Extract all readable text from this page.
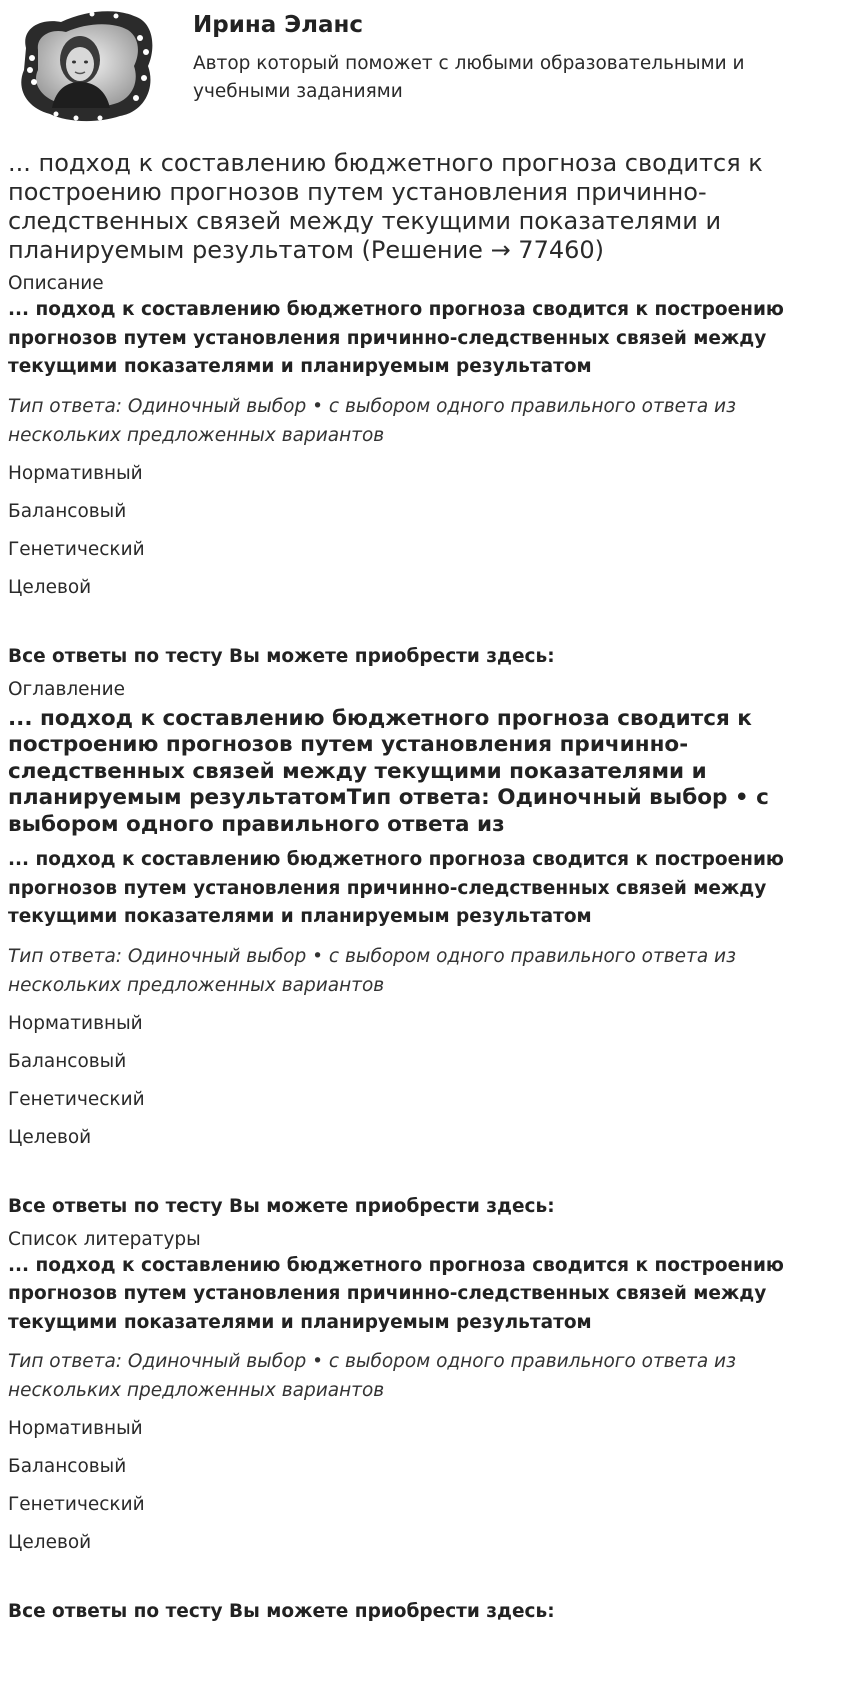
Ирина Эланс
Автор который поможет с любыми образовательными и учебными заданиями
... подход к составлению бюджетного прогноза сводится к построению прогнозов путем установления причинно-следственных связей между текущими показателями и планируемым результатом (Решение → 77460)
Описание
... подход к составлению бюджетного прогноза сводится к построению прогнозов путем установления причинно-следственных связей между текущими показателями и планируемым результатом
Тип ответа: Одиночный выбор • с выбором одного правильного ответа из нескольких предложенных вариантов
Нормативный
Балансовый
Генетический
Целевой
Все ответы по тесту Вы можете приобрести здесь:
Оглавление
... подход к составлению бюджетного прогноза сводится к построению прогнозов путем установления причинно-следственных связей между текущими показателями и планируемым результатомТип ответа: Одиночный выбор • с выбором одного правильного ответа из
... подход к составлению бюджетного прогноза сводится к построению прогнозов путем установления причинно-следственных связей между текущими показателями и планируемым результатом
Тип ответа: Одиночный выбор • с выбором одного правильного ответа из нескольких предложенных вариантов
Нормативный
Балансовый
Генетический
Целевой
Все ответы по тесту Вы можете приобрести здесь:
Список литературы
... подход к составлению бюджетного прогноза сводится к построению прогнозов путем установления причинно-следственных связей между текущими показателями и планируемым результатом
Тип ответа: Одиночный выбор • с выбором одного правильного ответа из нескольких предложенных вариантов
Нормативный
Балансовый
Генетический
Целевой
Все ответы по тесту Вы можете приобрести здесь:
